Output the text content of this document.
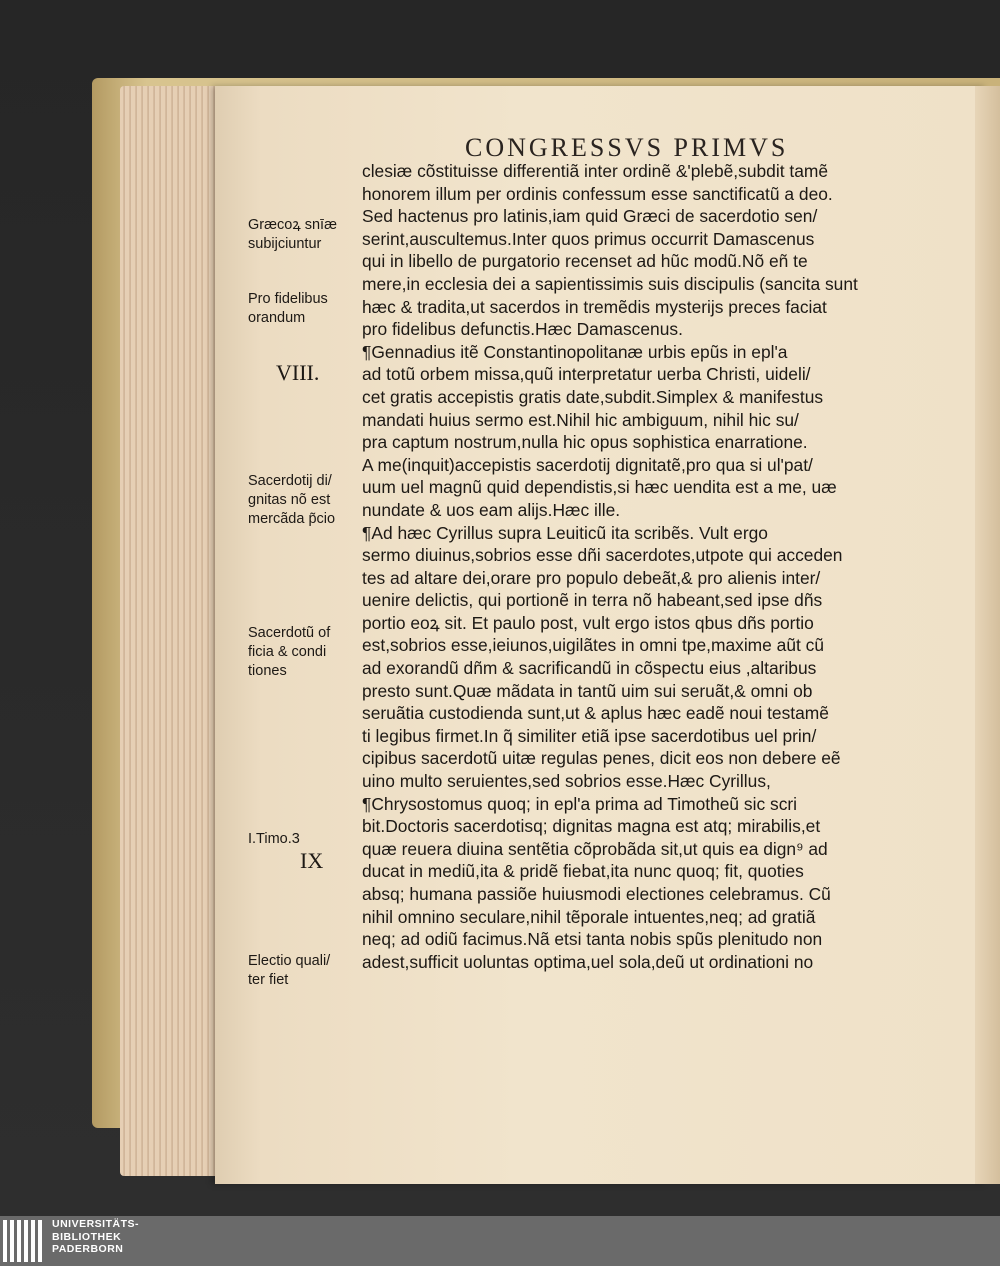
CONGRESSVS PRIMVS
clesiæ cõstituisse differentiã inter ordinẽ &'plebẽ,subdit tamẽ
honorem illum per ordinis confessum esse sanctificatũ a deo.
Sed hactenus pro latinis,iam quid Græci de sacerdotio sen/
serint,auscultemus.Inter quos primus occurrit Damascenus
qui in libello de purgatorio recenset ad hũc modũ.Nõ eñ te
mere,in ecclesia dei a sapientissimis suis discipulis (sancita sunt
hæc & tradita,ut sacerdos in tremẽdis mysterijs preces faciat
pro fidelibus defunctis.Hæc Damascenus.
¶Gennadius itẽ Constantinopolitanæ urbis epũs in epl'a
ad totũ orbem missa,quũ interpretatur uerba Christi, uideli/
cet gratis accepistis gratis date,subdit.Simplex & manifestus
mandati huius sermo est.Nihil hic ambiguum, nihil hic su/
pra captum nostrum,nulla hic opus sophistica enarratione.
A me(inquit)accepistis sacerdotij dignitatẽ,pro qua si ul'pat/
uum uel magnũ quid dependistis,si hæc uendita est a me, uæ
nundate & uos eam alijs.Hæc ille.
¶Ad hæc Cyrillus supra Leuiticũ ita scribẽs. Vult ergo
sermo diuinus,sobrios esse dñi sacerdotes,utpote qui acceden
tes ad altare dei,orare pro populo debeãt,& pro alienis inter/
uenire delictis, qui portionẽ in terra nõ habeant,sed ipse dñs
portio eoꝝ sit. Et paulo post, vult ergo istos qbus dñs portio
est,sobrios esse,ieiunos,uigilãtes in omni tpe,maxime aũt cũ
ad exorandũ dñm & sacrificandũ in cõspectu eius ,altaribus
presto sunt.Quæ mãdata in tantũ uim sui seruãt,& omni ob
seruãtia custodienda sunt,ut & aplus hæc eadẽ noui testamẽ
ti legibus firmet.In q̃ similiter etiã ipse sacerdotibus uel prin/
cipibus sacerdotũ uitæ regulas penes, dicit eos non debere eẽ
uino multo seruientes,sed sobrios esse.Hæc Cyrillus,
¶Chrysostomus quoq; in epl'a prima ad Timotheũ sic scri
bit.Doctoris sacerdotisq; dignitas magna est atq; mirabilis,et
quæ reuera diuina sentẽtia cõprobãda sit,ut quis ea dign⁹ ad
ducat in mediũ,ita & pridẽ fiebat,ita nunc quoq; fit, quoties
absq; humana passiõe huiusmodi electiones celebramus. Cũ
nihil omnino seculare,nihil tẽporale intuentes,neq; ad gratiã
neq; ad odiũ facimus.Nã etsi tanta nobis spũs plenitudo non
adest,sufficit uoluntas optima,uel sola,deũ ut ordinationi no
Græcoꝝ snīæ
subijciuntur
Pro fidelibus
orandum
VIII.
Sacerdotij di/
gnitas nõ est
mercãda p̃cio
Sacerdotũ of
ficia & condi
tiones
I.Timo.3
IX
Electio quali/
ter fiet
UNIVERSITÄTS-
BIBLIOTHEK
PADERBORN
